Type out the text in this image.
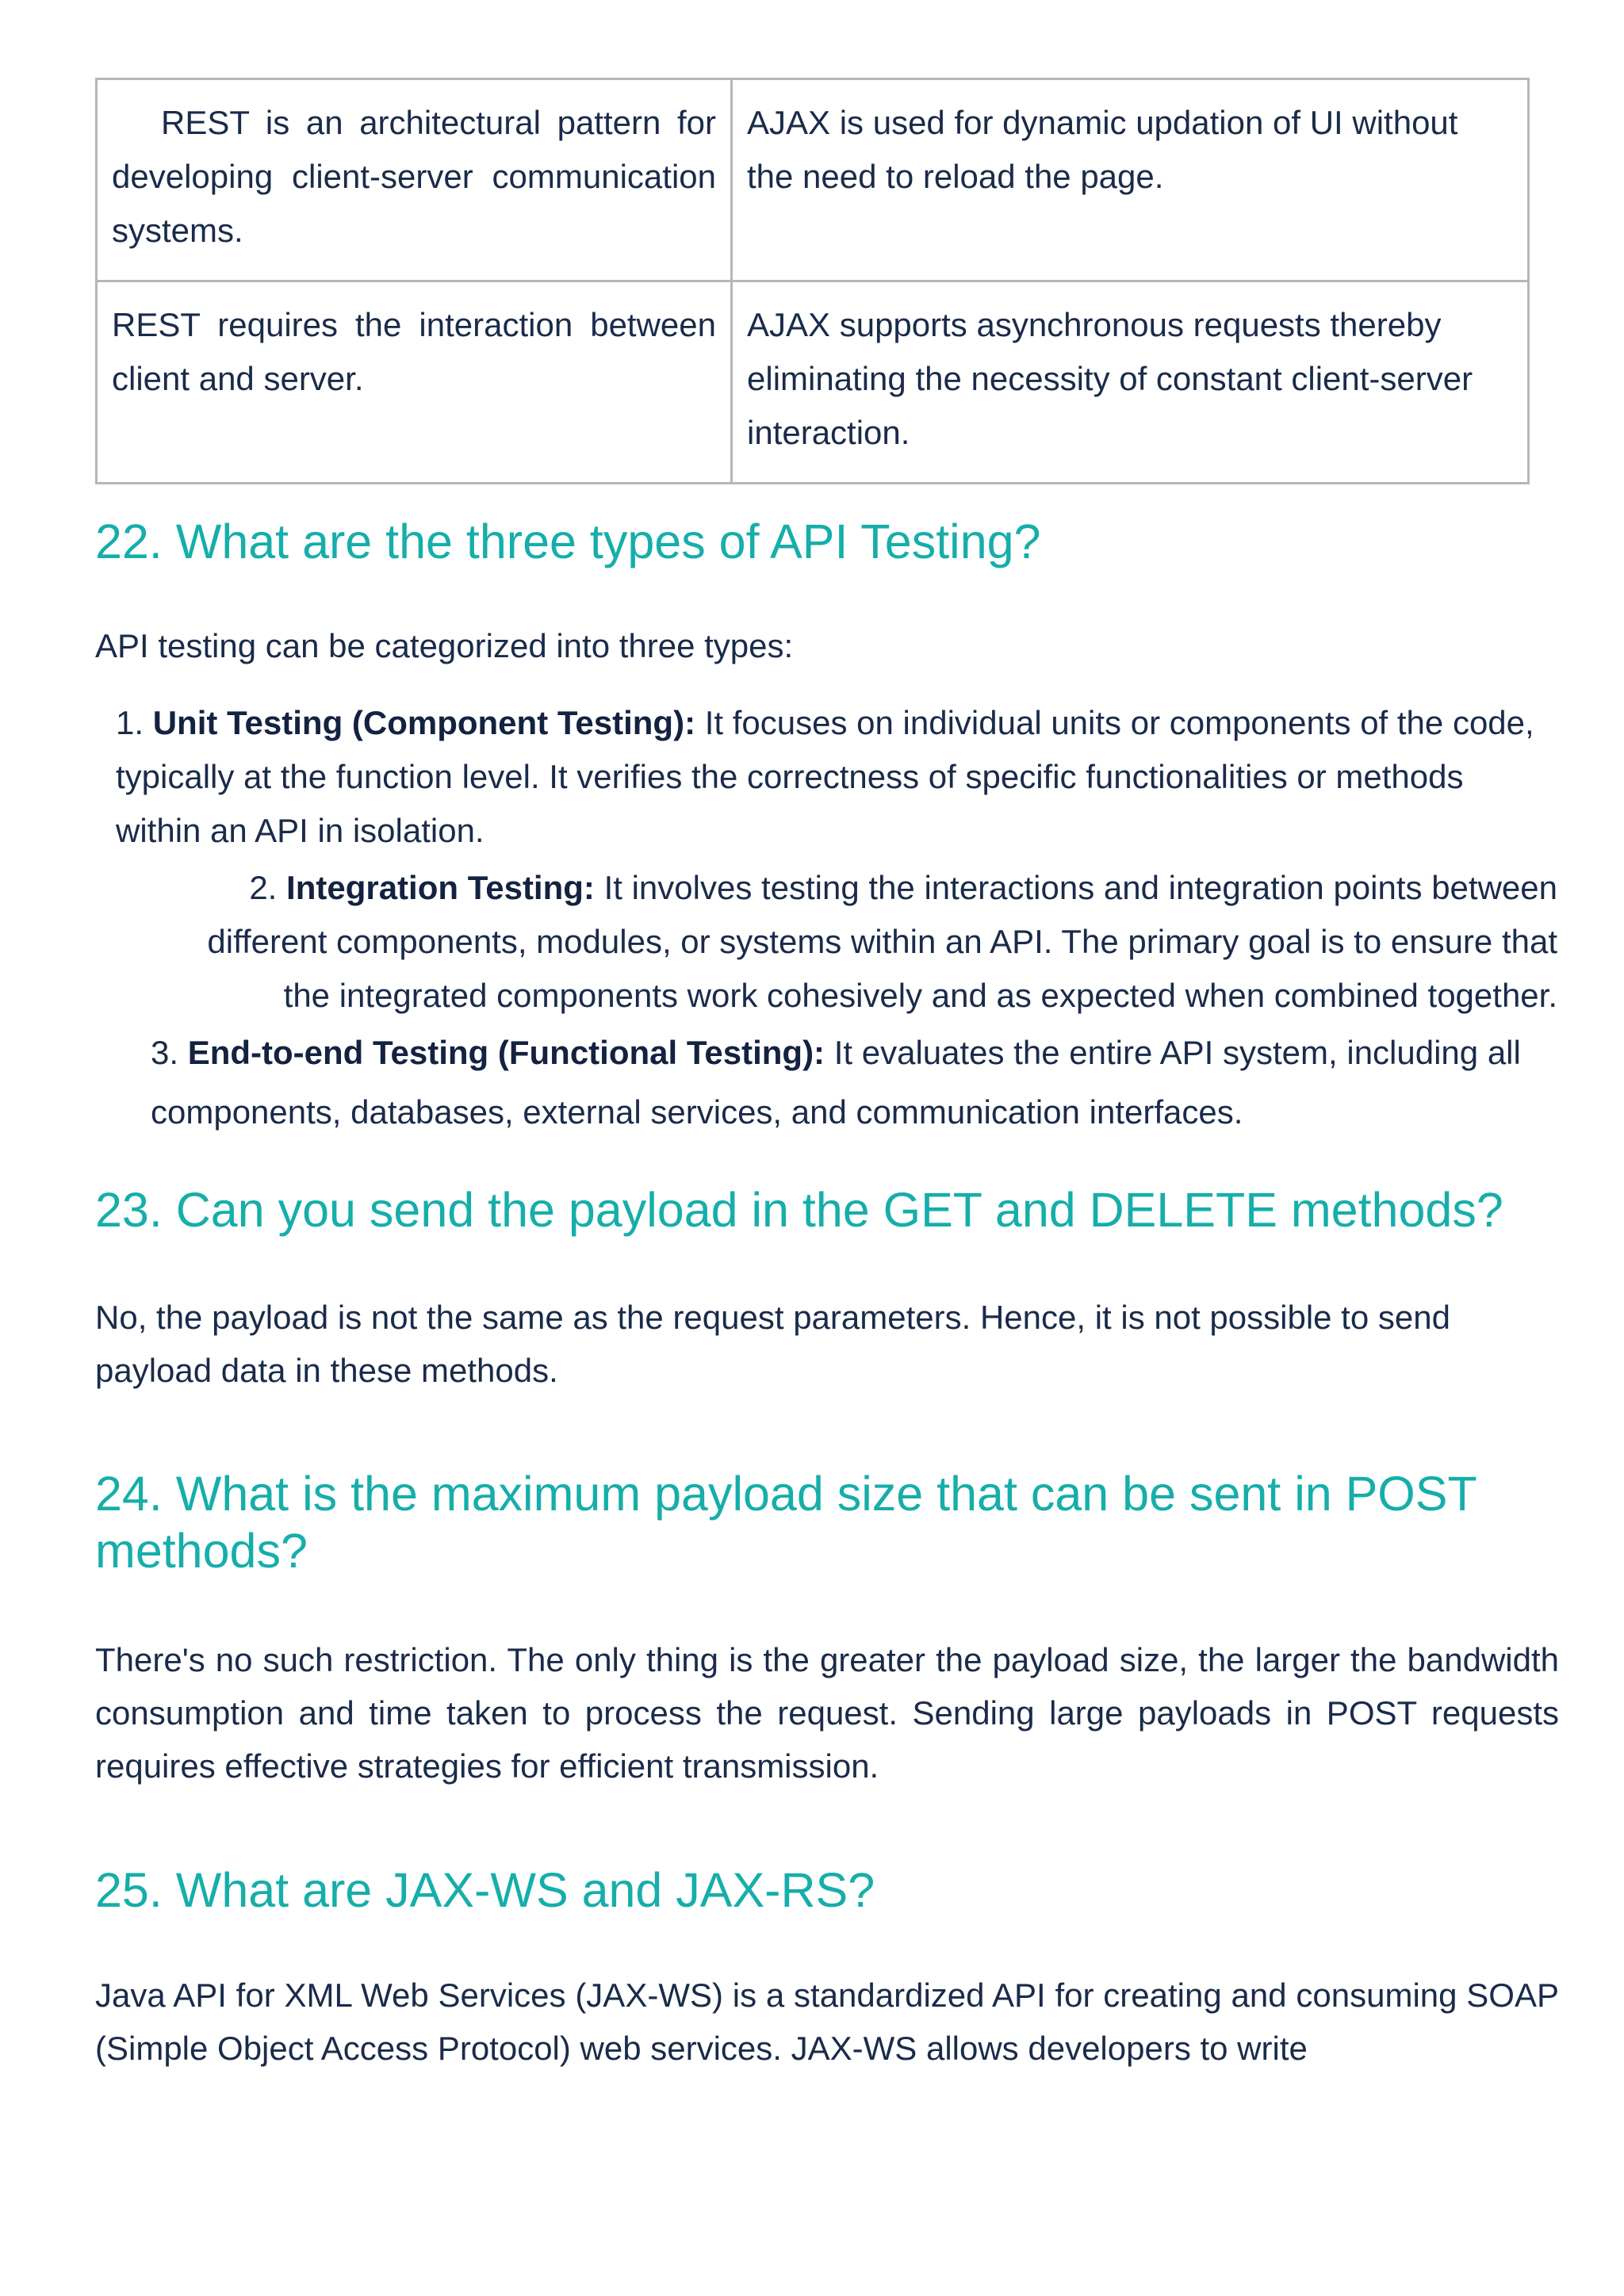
REST is an architectural pattern for developing client-server communication systems.	AJAX is used for dynamic updation of UI without the need to reload the page.
REST requires the interaction between client and server.	AJAX supports asynchronous requests thereby eliminating the necessity of constant client-server interaction.
22. What are the three types of API Testing?

API testing can be categorized into three types:

1. Unit Testing (Component Testing): It focuses on individual units or components of the code, typically at the function level. It verifies the correctness of specific functionalities or methods within an API in isolation.
2. Integration Testing: It involves testing the interactions and integration points between different components, modules, or systems within an API. The primary goal is to ensure that the integrated components work cohesively and as expected when combined together.
3. End-to-end Testing (Functional Testing): It evaluates the entire API system, including all components, databases, external services, and communication interfaces.
23. Can you send the payload in the GET and DELETE methods?

No, the payload is not the same as the request parameters. Hence, it is not possible to send payload data in these methods.

24. What is the maximum payload size that can be sent in POST methods?

There's no such restriction. The only thing is the greater the payload size, the larger the bandwidth consumption and time taken to process the request. Sending large payloads in POST requests requires effective strategies for efficient transmission.

25. What are JAX-WS and JAX-RS?

Java API for XML Web Services (JAX-WS) is a standardized API for creating and consuming SOAP (Simple Object Access Protocol) web services. JAX-WS allows developers to write
